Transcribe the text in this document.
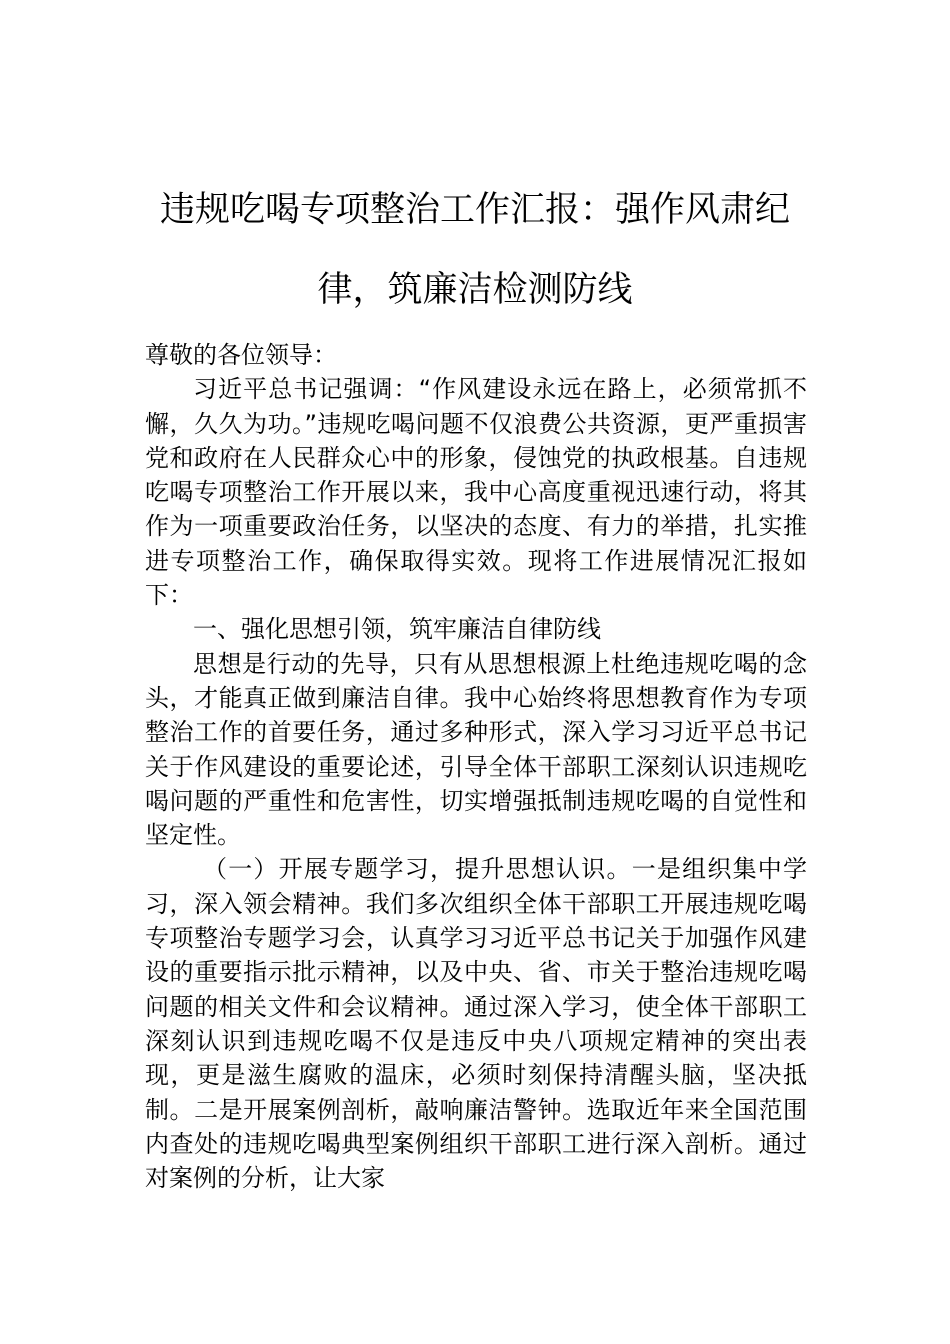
违规吃喝专项整治工作汇报：强作风肃纪律，筑廉洁检测防线

尊敬的各位领导：

习近平总书记强调：“作风建设永远在路上，必须常抓不懈，久久为功。”违规吃喝问题不仅浪费公共资源，更严重损害党和政府在人民群众心中的形象，侵蚀党的执政根基。自违规吃喝专项整治工作开展以来，我中心高度重视迅速行动，将其作为一项重要政治任务，以坚决的态度、有力的举措，扎实推进专项整治工作，确保取得实效。现将工作进展情况汇报如下：

一、强化思想引领，筑牢廉洁自律防线

思想是行动的先导，只有从思想根源上杜绝违规吃喝的念头，才能真正做到廉洁自律。我中心始终将思想教育作为专项整治工作的首要任务，通过多种形式，深入学习习近平总书记关于作风建设的重要论述，引导全体干部职工深刻认识违规吃喝问题的严重性和危害性，切实增强抵制违规吃喝的自觉性和坚定性。

（一）开展专题学习，提升思想认识。一是组织集中学习，深入领会精神。我们多次组织全体干部职工开展违规吃喝专项整治专题学习会，认真学习习近平总书记关于加强作风建设的重要指示批示精神，以及中央、省、市关于整治违规吃喝问题的相关文件和会议精神。通过深入学习，使全体干部职工深刻认识到违规吃喝不仅是违反中央八项规定精神的突出表现，更是滋生腐败的温床，必须时刻保持清醒头脑，坚决抵制。二是开展案例剖析，敲响廉洁警钟。选取近年来全国范围内查处的违规吃喝典型案例组织干部职工进行深入剖析。通过对案例的分析，让大家
